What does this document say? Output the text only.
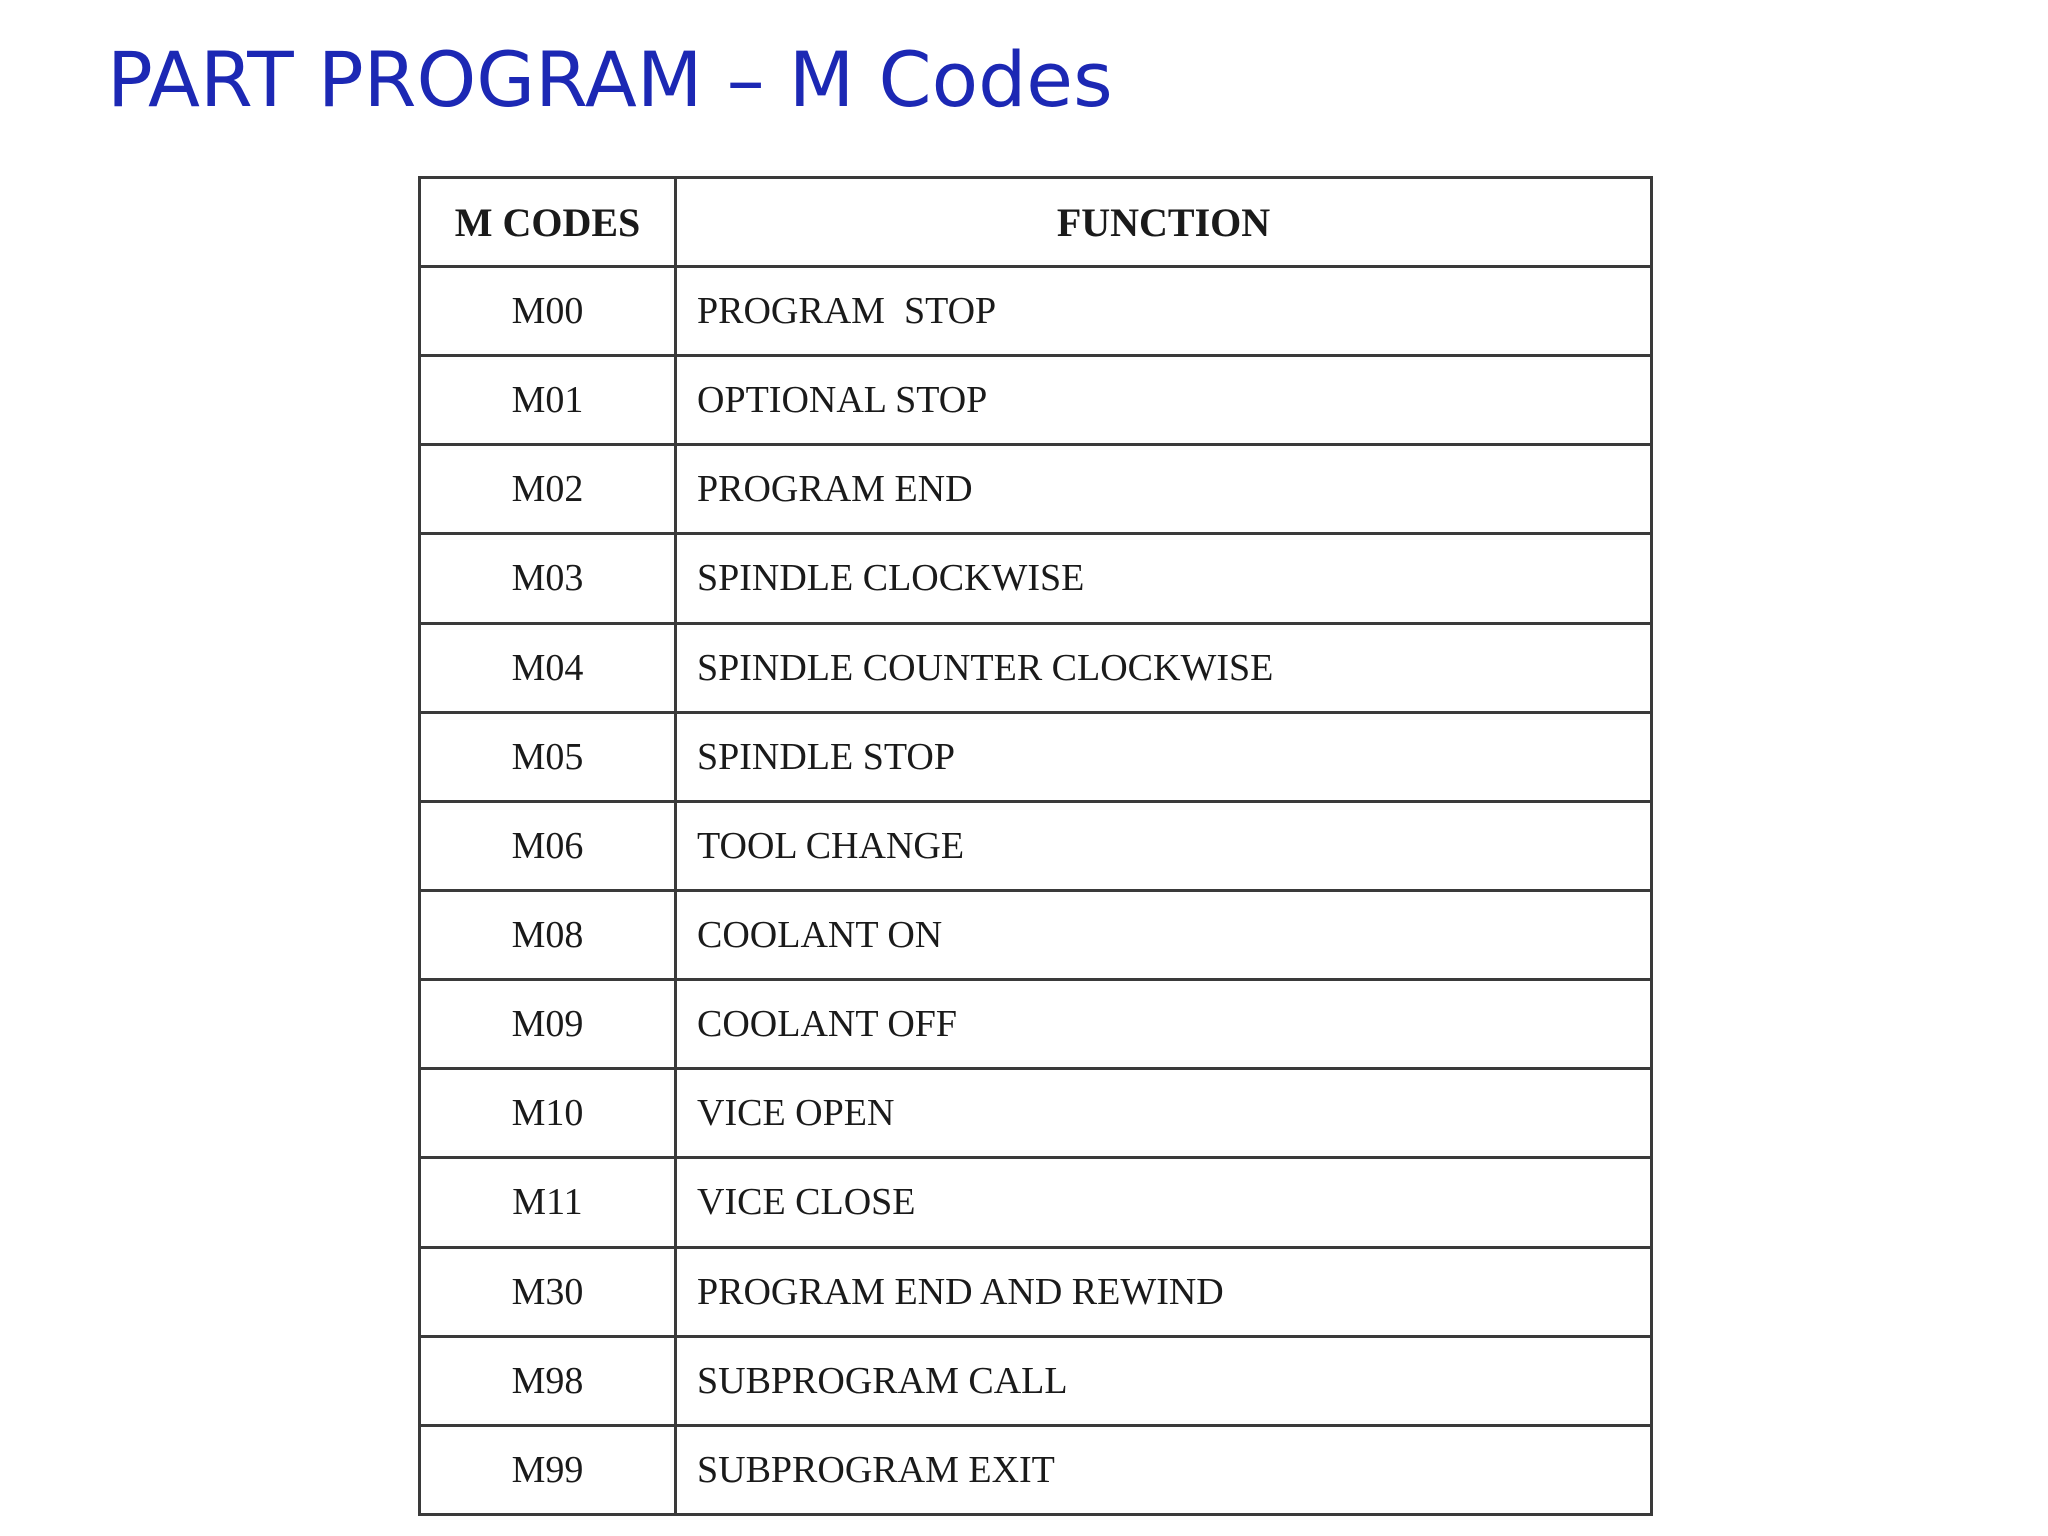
PART PROGRAM – M Codes
M CODES	FUNCTION
M00	PROGRAM  STOP
M01	OPTIONAL STOP
M02	PROGRAM END
M03	SPINDLE CLOCKWISE
M04	SPINDLE COUNTER CLOCKWISE
M05	SPINDLE STOP
M06	TOOL CHANGE
M08	COOLANT ON
M09	COOLANT OFF
M10	VICE OPEN
M11	VICE CLOSE
M30	PROGRAM END AND REWIND
M98	SUBPROGRAM CALL
M99	SUBPROGRAM EXIT
